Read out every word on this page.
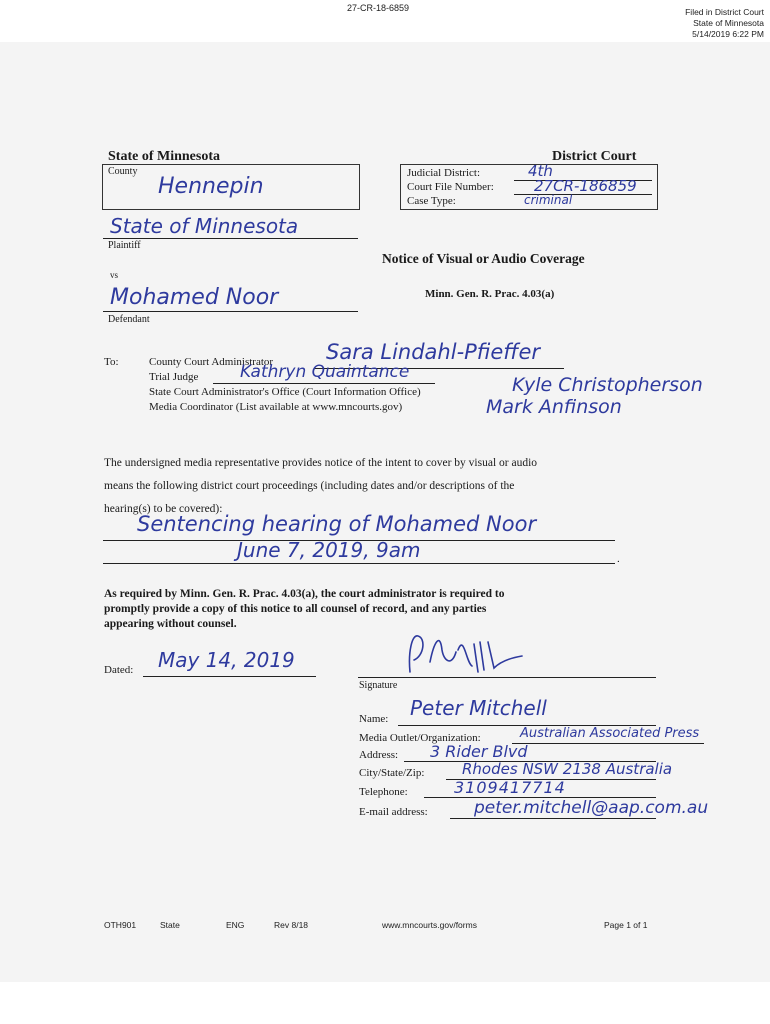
27-CR-18-6859	Filed in District Court
State of Minnesota
5/14/2019 6:22 PM
State of Minnesota	District Court
County
Hennepin
Judicial District:	4th
Court File Number:	27CR-186859
Case Type:	criminal
State of Minnesota
Plaintiff
vs
Mohamed Noor
Defendant
Notice of Visual or Audio Coverage
Minn. Gen. R. Prac. 4.03(a)
To:	County Court Administrator	Sara Lindahl-Pfieffer
Trial Judge Kathryn Quaintance
State Court Administrator's Office (Court Information Office)	Kyle Christopherson
Media Coordinator (List available at www.mncourts.gov)	Mark Anfinson
The undersigned media representative provides notice of the intent to cover by visual or audio
means the following district court proceedings (including dates and/or descriptions of the
hearing(s) to be covered):
Sentencing hearing of Mohamed Noor
June 7, 2019, 9am	.
As required by Minn. Gen. R. Prac. 4.03(a), the court administrator is required to
promptly provide a copy of this notice to all counsel of record, and any parties
appearing without counsel.
Dated: May 14, 2019
Signature
Name: Peter Mitchell
Media Outlet/Organization:	Australian Associated Press
Address: 3 Rider Blvd
City/State/Zip:	Rhodes NSW 2138 Australia
Telephone:	3109417714
E-mail address:	peter.mitchell@aap.com.au
OTH901	State	ENG	Rev 8/18	www.mncourts.gov/forms	Page 1 of 1
